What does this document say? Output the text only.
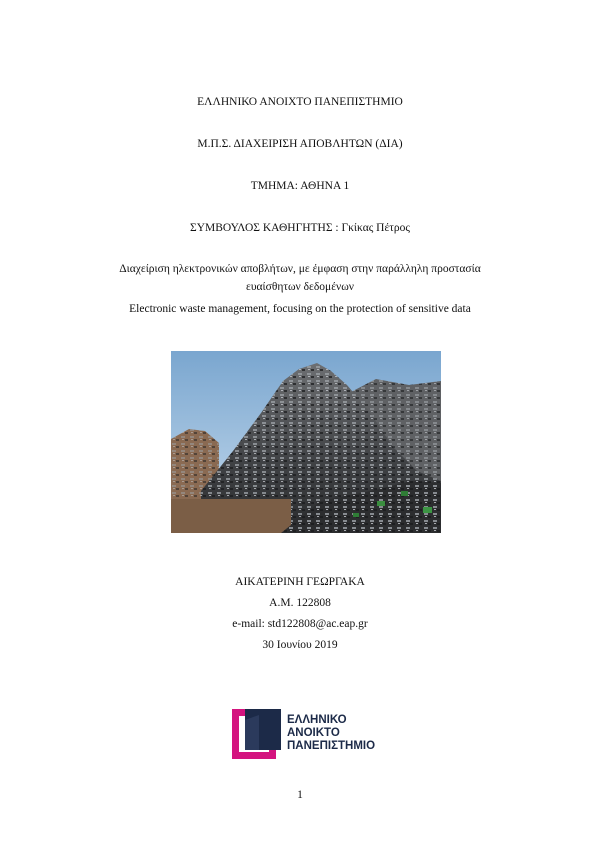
ΕΛΛΗΝΙΚΟ ΑΝΟΙΧΤΟ ΠΑΝΕΠΙΣΤΗΜΙΟ
Μ.Π.Σ. ΔΙΑΧΕΙΡΙΣΗ ΑΠΟΒΛΗΤΩΝ (ΔΙΑ)
ΤΜΗΜΑ: ΑΘΗΝΑ 1
ΣΥΜΒΟΥΛΟΣ ΚΑΘΗΓΗΤΗΣ : Γκίκας Πέτρος
Διαχείριση ηλεκτρονικών αποβλήτων, με έμφαση στην παράλληλη προστασία
ευαίσθητων δεδομένων
Electronic waste management, focusing on the protection of sensitive data
ΑΙΚΑΤΕΡΙΝΗ ΓΕΩΡΓΑΚΑ
Α.Μ. 122808
e-mail: std122808@ac.eap.gr
30 Ιουνίου 2019
ΕΛΛΗΝΙΚΟ
ΑΝΟΙΚΤΟ
ΠΑΝΕΠΙΣΤΗΜΙΟ
1
